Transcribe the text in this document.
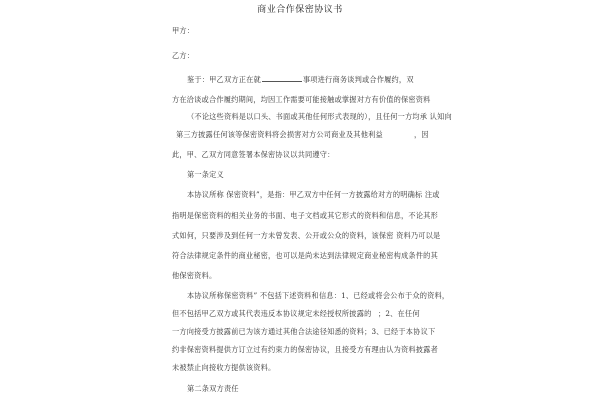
商业合作保密协议书
甲方：
乙方：
鉴于：甲乙双方正在就	事项进行商务谈判或合作履约，双
方在洽谈或合作履约期间，均因工作需要可能接触或掌握对方有价值的保密资料
（不论这些资料是以口头、书面或其他任何形式表现的），且任何一方均承 认知向
第三方披露任何该等保密资料将会损害对方公司商业及其他利益	，因
此，甲、乙双方同意签署本保密协议以共同遵守：
第一条定义
本协议所称 保密资料”，是指：甲乙双方中任何一方披露给对方的明确标 注或
指明是保密资料的相关业务的书面、电子文档或其它形式的资料和信息，不论其形
式如何，只要涉及到任何一方未曾发表、公开或公众的资料，该保密 资料乃可以是
符合法律规定条件的商业秘密，也可以是尚未达到法律规定商业秘密构成条件的其
他保密资料。
本协议所称保密资料” 不包括下述资料和信息：1、已经或将会公布于众的资料，
但不包括甲乙双方或其代表违反本协议规定未经授权所披露的 ；2、在任何
一方向接受方披露前已为该方通过其他合法途径知悉的资料；3、已经于本协议下
约非保密资料提供方订立过有约束力的保密协议，且接受方有理由认为资料披露者
未被禁止向接收方提供该资料。
第二条双方责任
